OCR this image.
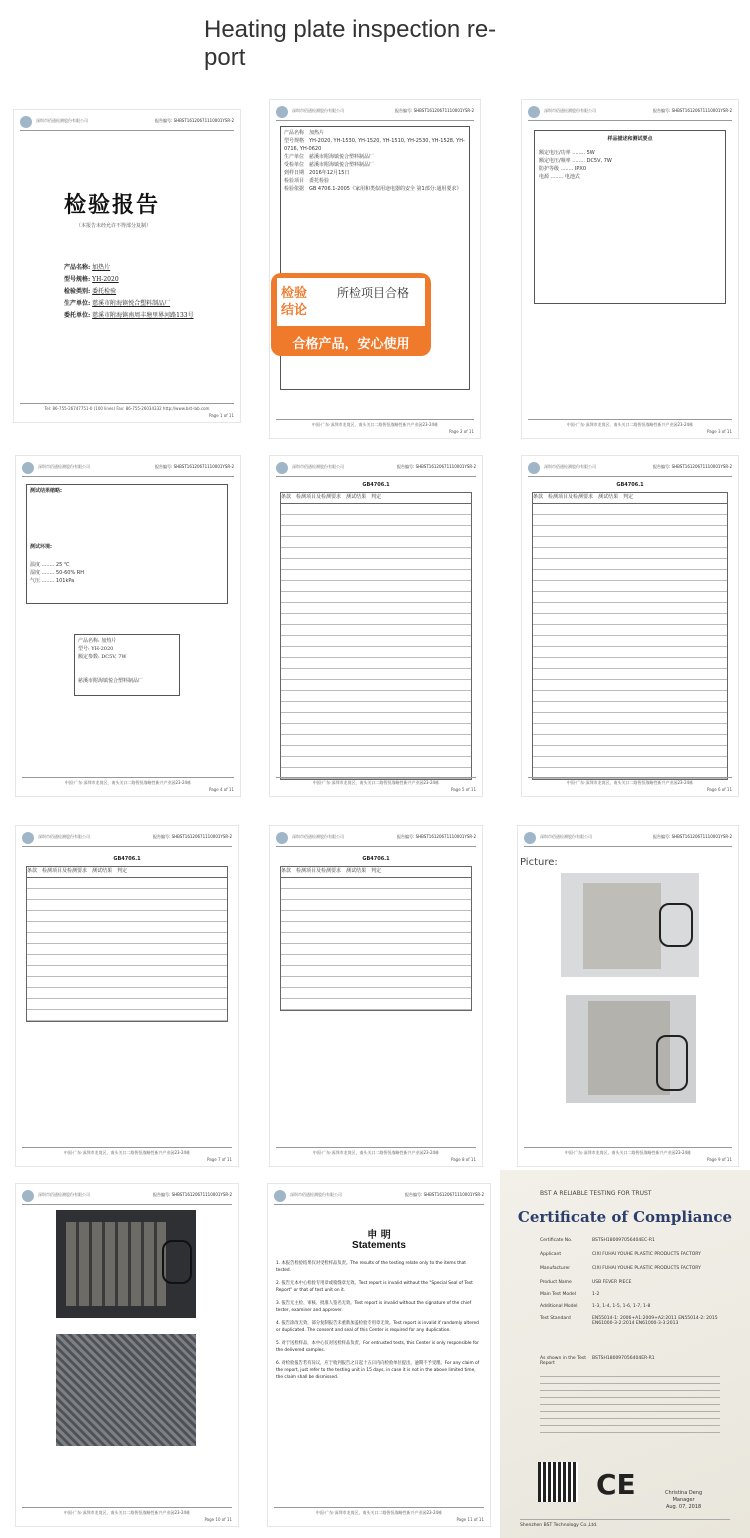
Heating plate inspection re-
port
深圳市佰通检测股份有限公司	报告编号: SHBST16120671110001YSR-2
检验报告
（本报告未经允许不得部分复制）
产品名称: 加热片
型号规格: YH-2020
检验类别: 委托检验
生产单位: 慈溪市附海镇悦合塑料制品厂
委托单位: 慈溪市附海镇南周丰塘里界河路133号
Tel: 86-755-26747751-0 (100 lines) Fax: 86-755-26034332 http://www.bst-lab.com
Page 1 of 11
深圳市佰通检测股份有限公司	报告编号: SHBST16120671110001YSR-2
产品名称　 加热片
型号规格　 YH-2020, YH-1530, YH-1520, YH-1510, YH-2530, YH-1528, YH-0716, YH-0620
生产单位　 慈溪市附海镇悦合塑料制品厂
受检单位　 慈溪市附海镇悦合塑料制品厂
到样日期　 2016年12月15日
检验项目　 委托检验
检验依据　 GB 4706.1-2005《家用和类似用途电器的安全 第1部分:通用要求》
中国·广东·深圳市龙岗区，南头关口二路智恒战略性新兴产业园23-24栋
Page 2 of 11
检验结论
所检项目合格
合格产品，安心使用
深圳市佰通检测股份有限公司	报告编号: SHBST16120671110001YSR-2
样品描述和测试要点
额定电压/功率 ........ 5W
额定电压/频率 ........ DC5V, 7W
防护等级 ........ IPX0
电源 ........ 电池式
中国·广东·深圳市龙岗区，南头关口二路智恒战略性新兴产业园23-24栋
Page 3 of 11
深圳市佰通检测股份有限公司	报告编号: SHBST16120671110001YSR-2
测试结果缩略:
测试环境:
温度 ........ 25 ℃
湿度 ........ 50-60% RH
气压 ........ 101kPa
产品名称: 加热片
型号: YH-2020
额定参数: DC5V, 7W
慈溪市附海镇悦合塑料制品厂
中国·广东·深圳市龙岗区，南头关口二路智恒战略性新兴产业园23-24栋
Page 4 of 11
深圳市佰通检测股份有限公司	报告编号: SHBST16120671110001YSR-2
GB4706.1
条款　 检测项目及检测要求　 测试结果　 判定
中国·广东·深圳市龙岗区，南头关口二路智恒战略性新兴产业园23-24栋
Page 5 of 11
深圳市佰通检测股份有限公司	报告编号: SHBST16120671110001YSR-2
GB4706.1
条款　 检测项目及检测要求　 测试结果　 判定
中国·广东·深圳市龙岗区，南头关口二路智恒战略性新兴产业园23-24栋
Page 6 of 11
深圳市佰通检测股份有限公司	报告编号: SHBST16120671110001YSR-2
GB4706.1
条款　 检测项目及检测要求　 测试结果　 判定
中国·广东·深圳市龙岗区，南头关口二路智恒战略性新兴产业园23-24栋
Page 7 of 11
深圳市佰通检测股份有限公司	报告编号: SHBST16120671110001YSR-2
GB4706.1
条款　 检测项目及检测要求　 测试结果　 判定
中国·广东·深圳市龙岗区，南头关口二路智恒战略性新兴产业园23-24栋
Page 8 of 11
深圳市佰通检测股份有限公司	报告编号: SHBST16120671110001YSR-2
中国·广东·深圳市龙岗区，南头关口二路智恒战略性新兴产业园23-24栋
Page 9 of 11
Picture:
深圳市佰通检测股份有限公司	报告编号: SHBST16120671110001YSR-2
中国·广东·深圳市龙岗区，南头关口二路智恒战略性新兴产业园23-24栋
Page 10 of 11
深圳市佰通检测股份有限公司	报告编号: SHBST16120671110001YSR-2
申 明
Statements

1. 本报告检验结果仅对受检样品负责。The results of the testing relate only to the items that tested.

2. 报告无本中心检验专用章或骑缝章无效。Test report is invalid without the "Special Seal of Test Report" or that of test unit on it.

3. 报告无主检、审核、批准人签名无效。Test report is invalid without the signature of the chief tester, examiner and approver.

4. 报告涂改无效，部分复制报告未重新加盖检验专用章无效。Test report is invalid if randomly altered or duplicated. The consent and seal of this Center is required for any duplication.

5. 对于送检样品，本中心仅对送检样品负责。For entrusted tests, this Center is only responsible for the delivered samples.

6. 对检验报告若有异议，应于收到报告之日起十五日内向检验单位提出，逾期不予受理。For any claim of the report, just refer to the testing unit in 15 days, in case it is not in the above limited time, the claim shall be dismissed.

中国·广东·深圳市龙岗区，南头关口二路智恒战略性新兴产业园23-24栋
Page 11 of 11
BST A RELIABLE TESTING FOR TRUST
Certificate of Compliance
Certificate No.	BSTSH180097056404EC-R1
Applicant	CIXI FUHAI YOUHE PLASTIC PRODUCTS FACTORY
Manufacturer	CIXI FUHAI YOUHE PLASTIC PRODUCTS FACTORY
Product Name	USB FEVER PIECE
Main Test Model	1-2
Additional Model	1-3, 1-4, 1-5, 1-6, 1-7, 1-8
Test Standard	EN55014-1: 2006+A1:2009+A2:2011 EN55014-2: 2015 EN61000-3-2:2014 EN61000-3-3:2013
As shown in the Test Report
BSTSH180097056404ER-R1
CE	Christina Deng
Manager
Aug. 07, 2018
Shenzhen BST Technology Co.,Ltd.
